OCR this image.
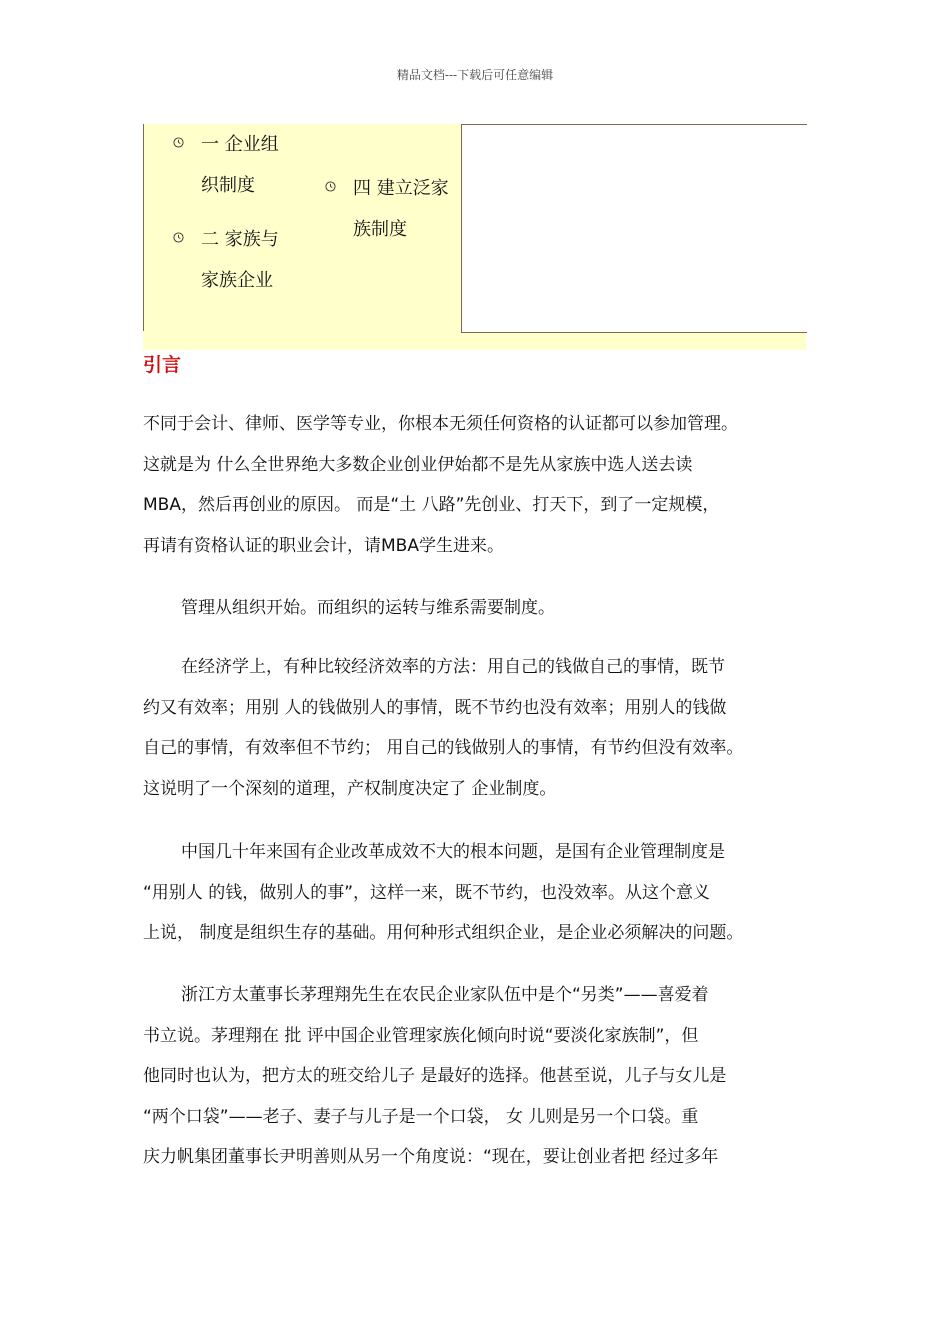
精品文档---下载后可任意编辑
一 企业组
织制度
二 家族与
家族企业
四 建立泛家
族制度
引言
不同于会计、律师、医学等专业，你根本无须任何资格的认证都可以参加管理。
这就是为 什么全世界绝大多数企业创业伊始都不是先从家族中选人送去读
MBA，然后再创业的原因。 而是“土 八路”先创业、打天下，到了一定规模，
再请有资格认证的职业会计，请MBA学生进来。
管理从组织开始。而组织的运转与维系需要制度。
在经济学上，有种比较经济效率的方法：用自己的钱做自己的事情，既节
约又有效率；用别 人的钱做别人的事情，既不节约也没有效率；用别人的钱做
自己的事情，有效率但不节约； 用自己的钱做别人的事情，有节约但没有效率。
这说明了一个深刻的道理，产权制度决定了 企业制度。
中国几十年来国有企业改革成效不大的根本问题，是国有企业管理制度是
“用别人 的钱，做别人的事”，这样一来，既不节约，也没效率。从这个意义
上说， 制度是组织生存的基础。用何种形式组织企业，是企业必须解决的问题。
浙江方太董事长茅理翔先生在农民企业家队伍中是个“另类”——喜爱着
书立说。茅理翔在 批 评中国企业管理家族化倾向时说“要淡化家族制”，但
他同时也认为，把方太的班交给儿子 是最好的选择。他甚至说，儿子与女儿是
“两个口袋”——老子、妻子与儿子是一个口袋， 女 儿则是另一个口袋。重
庆力帆集团董事长尹明善则从另一个角度说：“现在，要让创业者把 经过多年
